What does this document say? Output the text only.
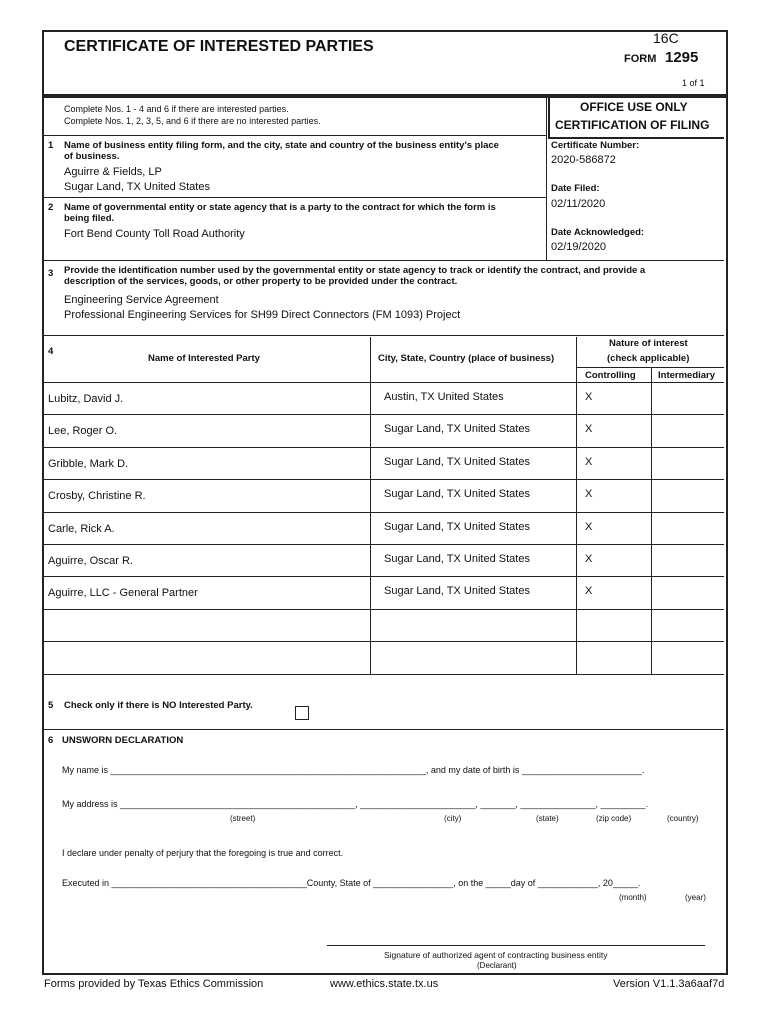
CERTIFICATE OF INTERESTED PARTIES	16C
FORM 1295
1 of 1
Complete Nos. 1 - 4 and 6 if there are interested parties.
Complete Nos. 1, 2, 3, 5, and 6 if there are no interested parties.
OFFICE USE ONLY
CERTIFICATION OF FILING
Certificate Number:
2020-586872
Date Filed:
02/11/2020
Date Acknowledged:
02/19/2020
1 Name of business entity filing form, and the city, state and country of the business entity's place
of business.
Aguirre & Fields, LP
Sugar Land, TX United States
2 Name of governmental entity or state agency that is a party to the contract for which the form is
being filed.
Fort Bend County Toll Road Authority
3 Provide the identification number used by the governmental entity or state agency to track or identify the contract, and provide a
description of the services, goods, or other property to be provided under the contract.
Engineering Service Agreement
Professional Engineering Services for SH99 Direct Connectors (FM 1093) Project
4
Name of Interested Party	City, State, Country (place of business)
Nature of interest
(check applicable)
Controlling Intermediary
Lubitz, David J.	Austin, TX United States	X
Lee, Roger O.	Sugar Land, TX United States	X
Gribble, Mark D.	Sugar Land, TX United States	X
Crosby, Christine R.	Sugar Land, TX United States	X
Carle, Rick A.	Sugar Land, TX United States	X
Aguirre, Oscar R.	Sugar Land, TX United States	X
Aguirre, LLC - General Partner	Sugar Land, TX United States	X
5 Check only if there is NO Interested Party.
6 UNSWORN DECLARATION
My name is _______________________________________________________________, and my date of birth is ________________________.
My address is _______________________________________________, _______________________, _______, _______________, _________.
(street)	(city)	(state)	(zip code)	(country)
I declare under penalty of perjury that the foregoing is true and correct.
Executed in _______________________________________County, State of ________________, on the _____day of ____________, 20_____.
(month)	(year)
Signature of authorized agent of contracting business entity
(Declarant)
Forms provided by Texas Ethics Commission	www.ethics.state.tx.us	Version V1.1.3a6aaf7d
